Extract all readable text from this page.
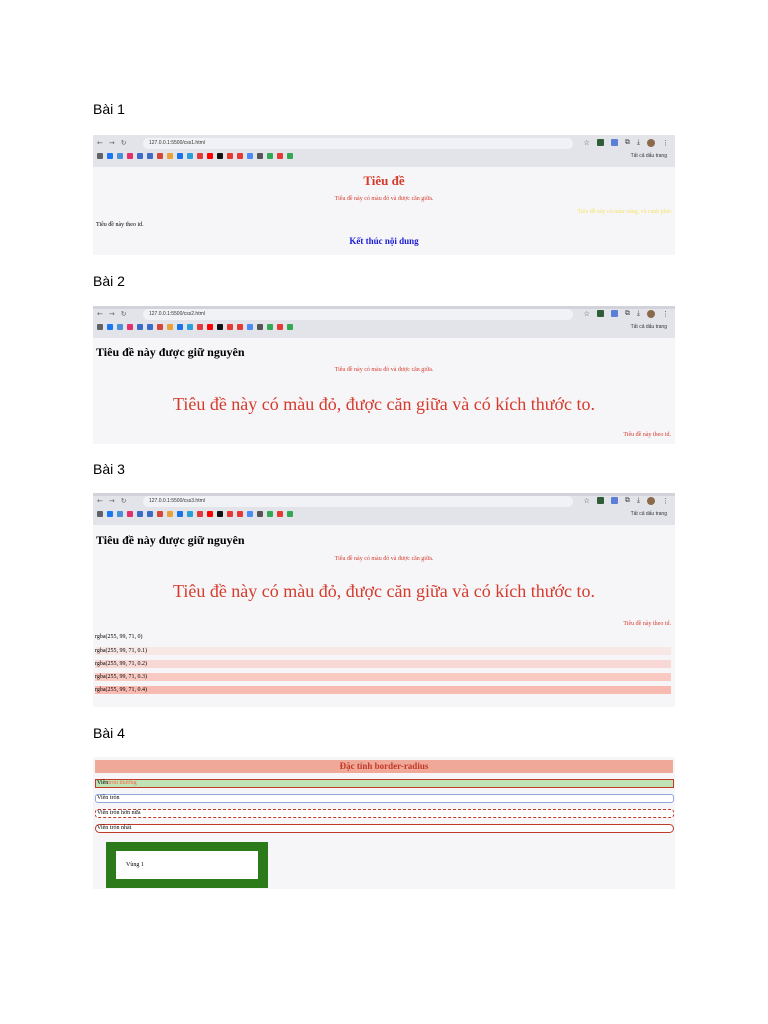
Bài 1
← → ↻	127.0.0.1:5500/css1.html	☆	⧉ ⤓	⋮
Tất cả dấu trang
Tiêu đề
Tiêu đề này có màu đỏ và được căn giữa.
Tiêu đề này có màu vàng, và canh phải
Tiêu đề này theo id.
Kết thúc nội dung
Bài 2
← → ↻	127.0.0.1:5500/css2.html	☆	⧉ ⤓	⋮
Tất cả dấu trang
Tiêu đề này được giữ nguyên
Tiêu đề này có màu đỏ và được căn giữa.
Tiêu đề này có màu đỏ, được căn giữa và có kích thước to.
Tiêu đề này theo id.
Bài 3
← → ↻	127.0.0.1:5500/css3.html	☆	⧉ ⤓	⋮
Tất cả dấu trang
Tiêu đề này được giữ nguyên
Tiêu đề này có màu đỏ và được căn giữa.
Tiêu đề này có màu đỏ, được căn giữa và có kích thước to.
Tiêu đề này theo id.
rgba(255, 99, 71, 0)
rgba(255, 99, 71, 0.1)
rgba(255, 99, 71, 0.2)
rgba(255, 99, 71, 0.3)
rgba(255, 99, 71, 0.4)
Bài 4
Đặc tính border-radius
Viềntròn thường
Viền tròn
Viền tròn hơn nữa
Viền tròn nhất
Vùng 1
